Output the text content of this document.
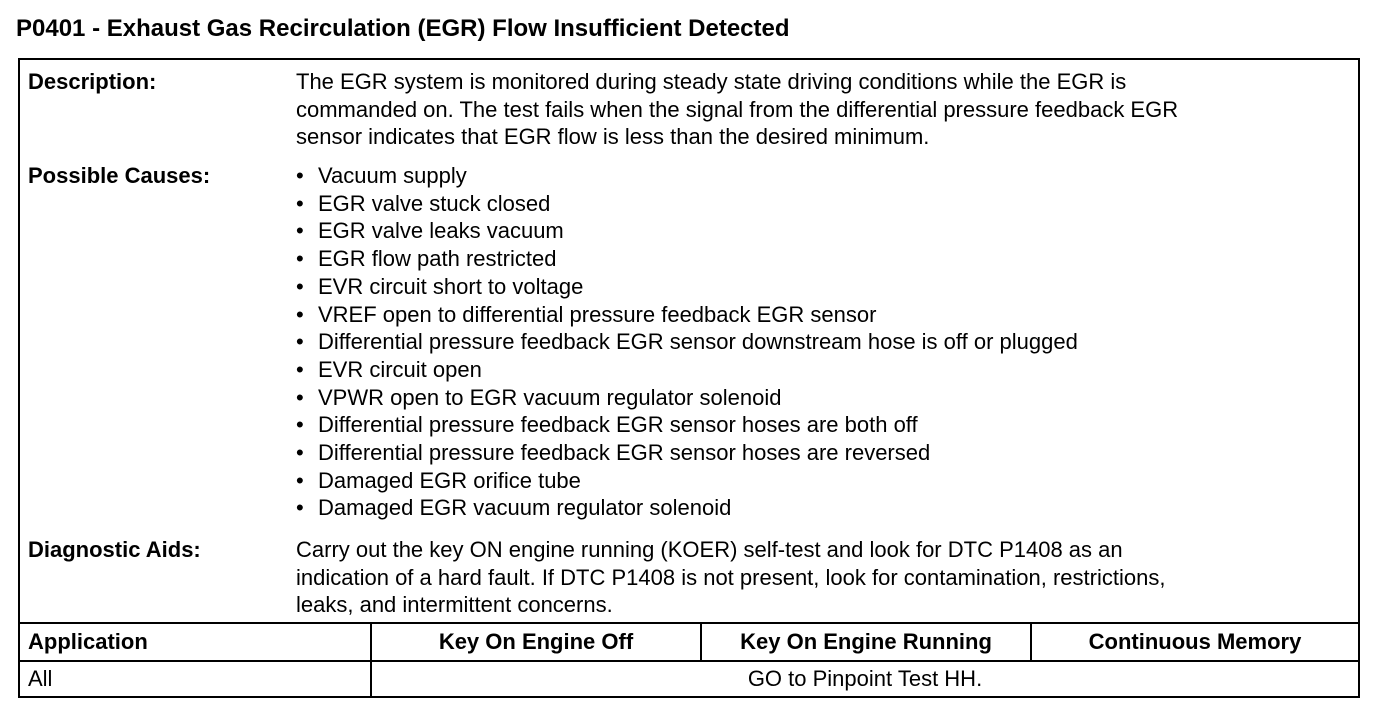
P0401 - Exhaust Gas Recirculation (EGR) Flow Insufficient Detected
Description:	The EGR system is monitored during steady state driving conditions while the EGR is
commanded on. The test fails when the signal from the differential pressure feedback EGR
sensor indicates that EGR flow is less than the desired minimum.
Possible Causes:	• Vacuum supply
• EGR valve stuck closed
• EGR valve leaks vacuum
• EGR flow path restricted
• EVR circuit short to voltage
• VREF open to differential pressure feedback EGR sensor
• Differential pressure feedback EGR sensor downstream hose is off or plugged
• EVR circuit open
• VPWR open to EGR vacuum regulator solenoid
• Differential pressure feedback EGR sensor hoses are both off
• Differential pressure feedback EGR sensor hoses are reversed
• Damaged EGR orifice tube
• Damaged EGR vacuum regulator solenoid
Diagnostic Aids:	Carry out the key ON engine running (KOER) self-test and look for DTC P1408 as an
indication of a hard fault. If DTC P1408 is not present, look for contamination, restrictions,
leaks, and intermittent concerns.
Application	Key On Engine Off	Key On Engine Running	Continuous Memory
All	GO to Pinpoint Test HH.
